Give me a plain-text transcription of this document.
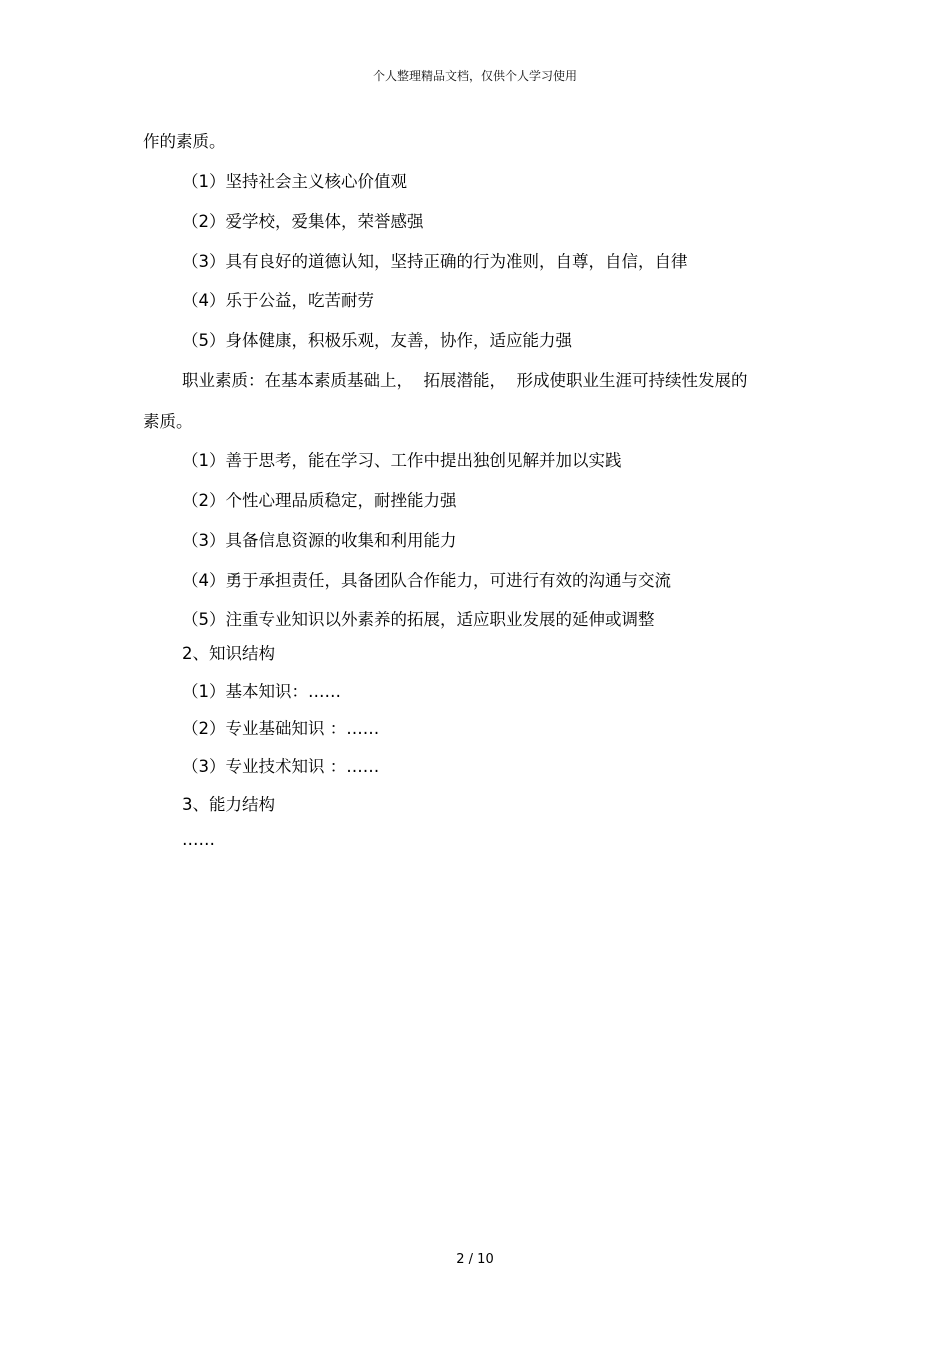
个人整理精品文档，仅供个人学习使用
作的素质。
（1）坚持社会主义核心价值观
（2）爱学校，爱集体，荣誉感强
（3）具有良好的道德认知，坚持正确的行为准则，自尊，自信，自律
（4）乐于公益，吃苦耐劳
（5）身体健康，积极乐观，友善，协作，适应能力强
职业素质：在基本素质基础上，  拓展潜能，  形成使职业生涯可持续性发展的
素质。
（1）善于思考，能在学习、工作中提出独创见解并加以实践
（2）个性心理品质稳定，耐挫能力强
（3）具备信息资源的收集和利用能力
（4）勇于承担责任，具备团队合作能力，可进行有效的沟通与交流
（5）注重专业知识以外素养的拓展，适应职业发展的延伸或调整
2、知识结构
（1）基本知识：……
（2）专业基础知识 ：……
（3）专业技术知识 ：……
3、能力结构
……
2 / 10
